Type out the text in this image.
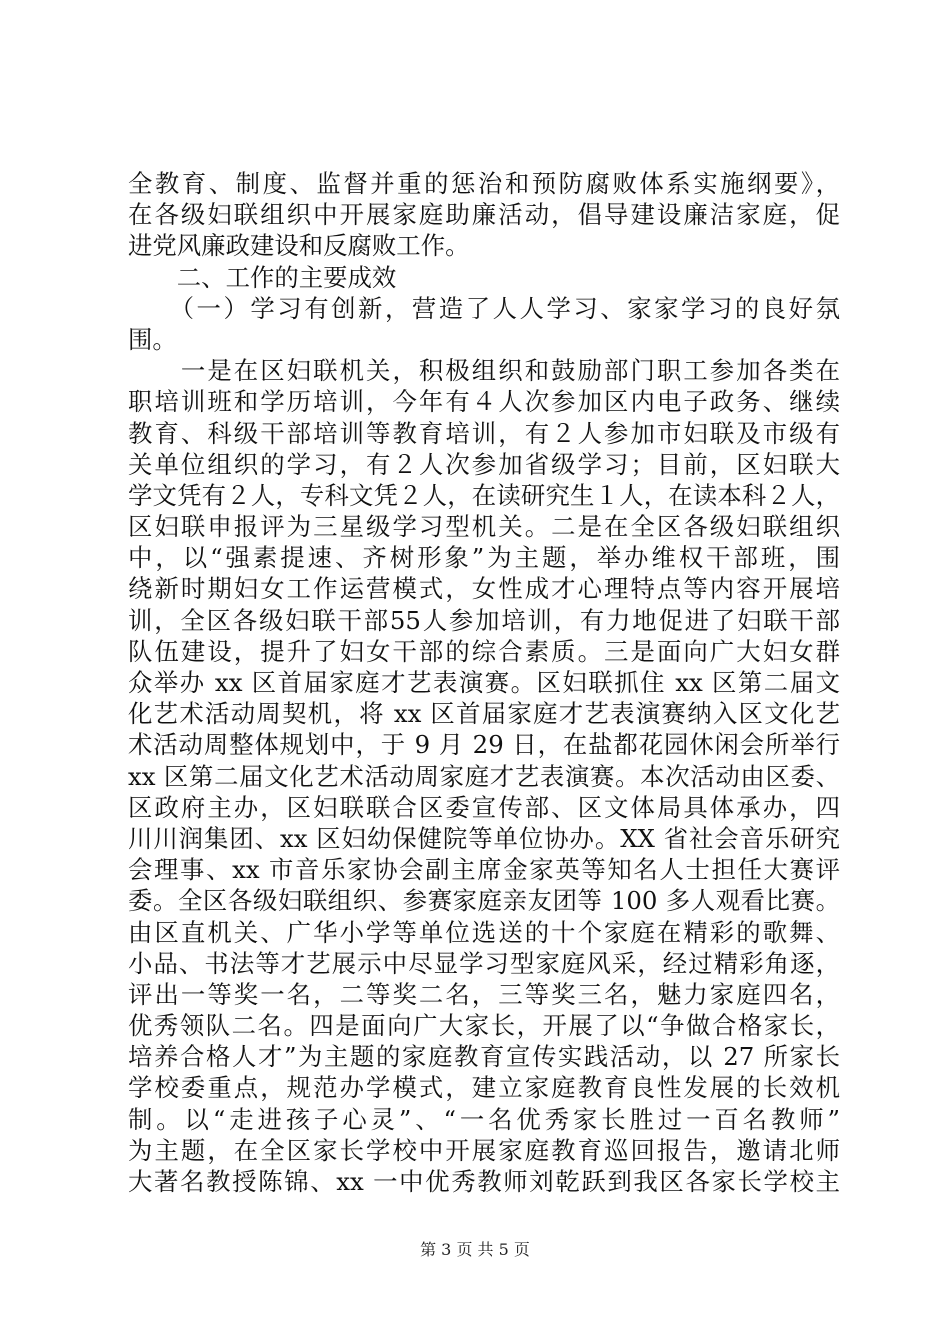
全教育、制度、监督并重的惩治和预防腐败体系实施纲要》，
在各级妇联组织中开展家庭助廉活动，倡导建设廉洁家庭，促
进党风廉政建设和反腐败工作。
　　二、工作的主要成效
　　（一）学习有创新，营造了人人学习、家家学习的良好氛
围。
　　一是在区妇联机关，积极组织和鼓励部门职工参加各类在
职培训班和学历培训，今年有４人次参加区内电子政务、继续
教育、科级干部培训等教育培训，有２人参加市妇联及市级有
关单位组织的学习，有２人次参加省级学习；目前，区妇联大
学文凭有２人，专科文凭２人，在读研究生１人，在读本科２人，
区妇联申报评为三星级学习型机关。二是在全区各级妇联组织
中，以“强素提速、齐树形象”为主题，举办维权干部班，围
绕新时期妇女工作运营模式，女性成才心理特点等内容开展培
训，全区各级妇联干部55人参加培训，有力地促进了妇联干部
队伍建设，提升了妇女干部的综合素质。三是面向广大妇女群
众举办 xx 区首届家庭才艺表演赛。区妇联抓住 xx 区第二届文
化艺术活动周契机，将 xx 区首届家庭才艺表演赛纳入区文化艺
术活动周整体规划中，于 9 月 29 日，在盐都花园休闲会所举行
xx 区第二届文化艺术活动周家庭才艺表演赛。本次活动由区委、
区政府主办，区妇联联合区委宣传部、区文体局具体承办，四
川川润集团、xx 区妇幼保健院等单位协办。XX 省社会音乐研究
会理事、xx 市音乐家协会副主席金家英等知名人士担任大赛评
委。全区各级妇联组织、参赛家庭亲友团等 100 多人观看比赛。
由区直机关、广华小学等单位选送的十个家庭在精彩的歌舞、
小品、书法等才艺展示中尽显学习型家庭风采，经过精彩角逐，
评出一等奖一名，二等奖二名，三等奖三名，魅力家庭四名，
优秀领队二名。四是面向广大家长，开展了以“争做合格家长，
培养合格人才”为主题的家庭教育宣传实践活动，以 27 所家长
学校委重点，规范办学模式，建立家庭教育良性发展的长效机
制。以“走进孩子心灵”、“一名优秀家长胜过一百名教师”
为主题，在全区家长学校中开展家庭教育巡回报告，邀请北师
大著名教授陈锦、xx 一中优秀教师刘乾跃到我区各家长学校主
第 3 页 共 5 页
